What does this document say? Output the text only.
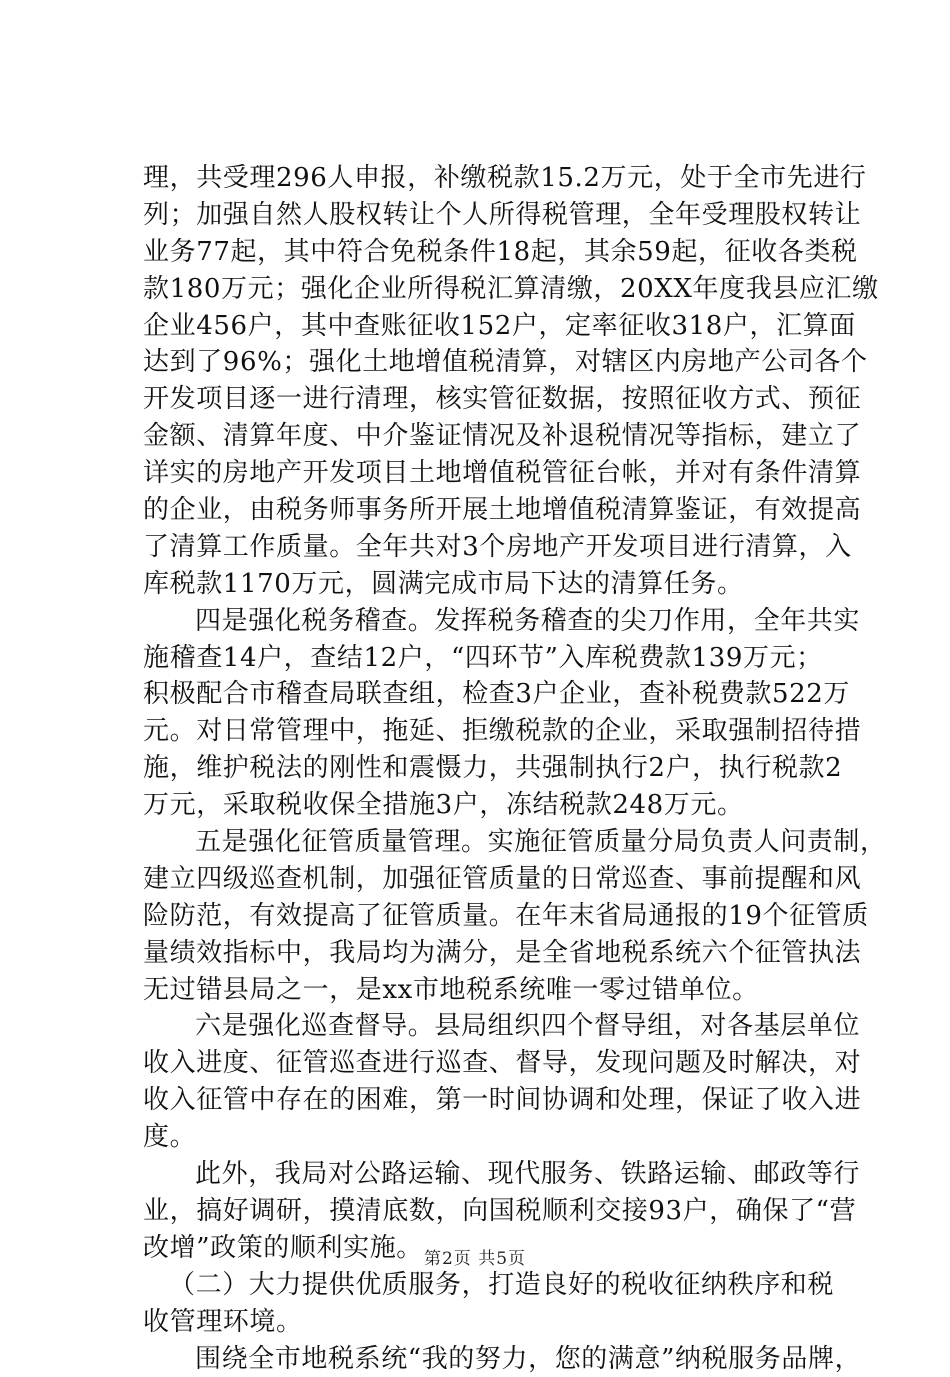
理，共受理296人申报，补缴税款15.2万元，处于全市先进行
列；加强自然人股权转让个人所得税管理，全年受理股权转让
业务77起，其中符合免税条件18起，其余59起，征收各类税
款180万元；强化企业所得税汇算清缴，20XX年度我县应汇缴
企业456户，其中查账征收152户，定率征收318户，汇算面
达到了96%；强化土地增值税清算，对辖区内房地产公司各个
开发项目逐一进行清理，核实管征数据，按照征收方式、预征
金额、清算年度、中介鉴证情况及补退税情况等指标，建立了
详实的房地产开发项目土地增值税管征台帐，并对有条件清算
的企业，由税务师事务所开展土地增值税清算鉴证，有效提高
了清算工作质量。全年共对3个房地产开发项目进行清算，入
库税款1170万元，圆满完成市局下达的清算任务。
四是强化税务稽查。发挥税务稽查的尖刀作用，全年共实
施稽查14户，查结12户，“四环节”入库税费款139万元；
积极配合市稽查局联查组，检查3户企业，查补税费款522万
元。对日常管理中，拖延、拒缴税款的企业，采取强制招待措
施，维护税法的刚性和震慑力，共强制执行2户，执行税款2
万元，采取税收保全措施3户，冻结税款248万元。
五是强化征管质量管理。实施征管质量分局负责人问责制，
建立四级巡查机制，加强征管质量的日常巡查、事前提醒和风
险防范，有效提高了征管质量。在年末省局通报的19个征管质
量绩效指标中，我局均为满分，是全省地税系统六个征管执法
无过错县局之一，是xx市地税系统唯一零过错单位。
六是强化巡查督导。县局组织四个督导组，对各基层单位
收入进度、征管巡查进行巡查、督导，发现问题及时解决，对
收入征管中存在的困难，第一时间协调和处理，保证了收入进
度。
此外，我局对公路运输、现代服务、铁路运输、邮政等行
业，搞好调研，摸清底数，向国税顺利交接93户，确保了“营
改增”政策的顺利实施。
（二）大力提供优质服务，打造良好的税收征纳秩序和税
收管理环境。
围绕全市地税系统“我的努力，您的满意”纳税服务品牌，
第2页 共5页
